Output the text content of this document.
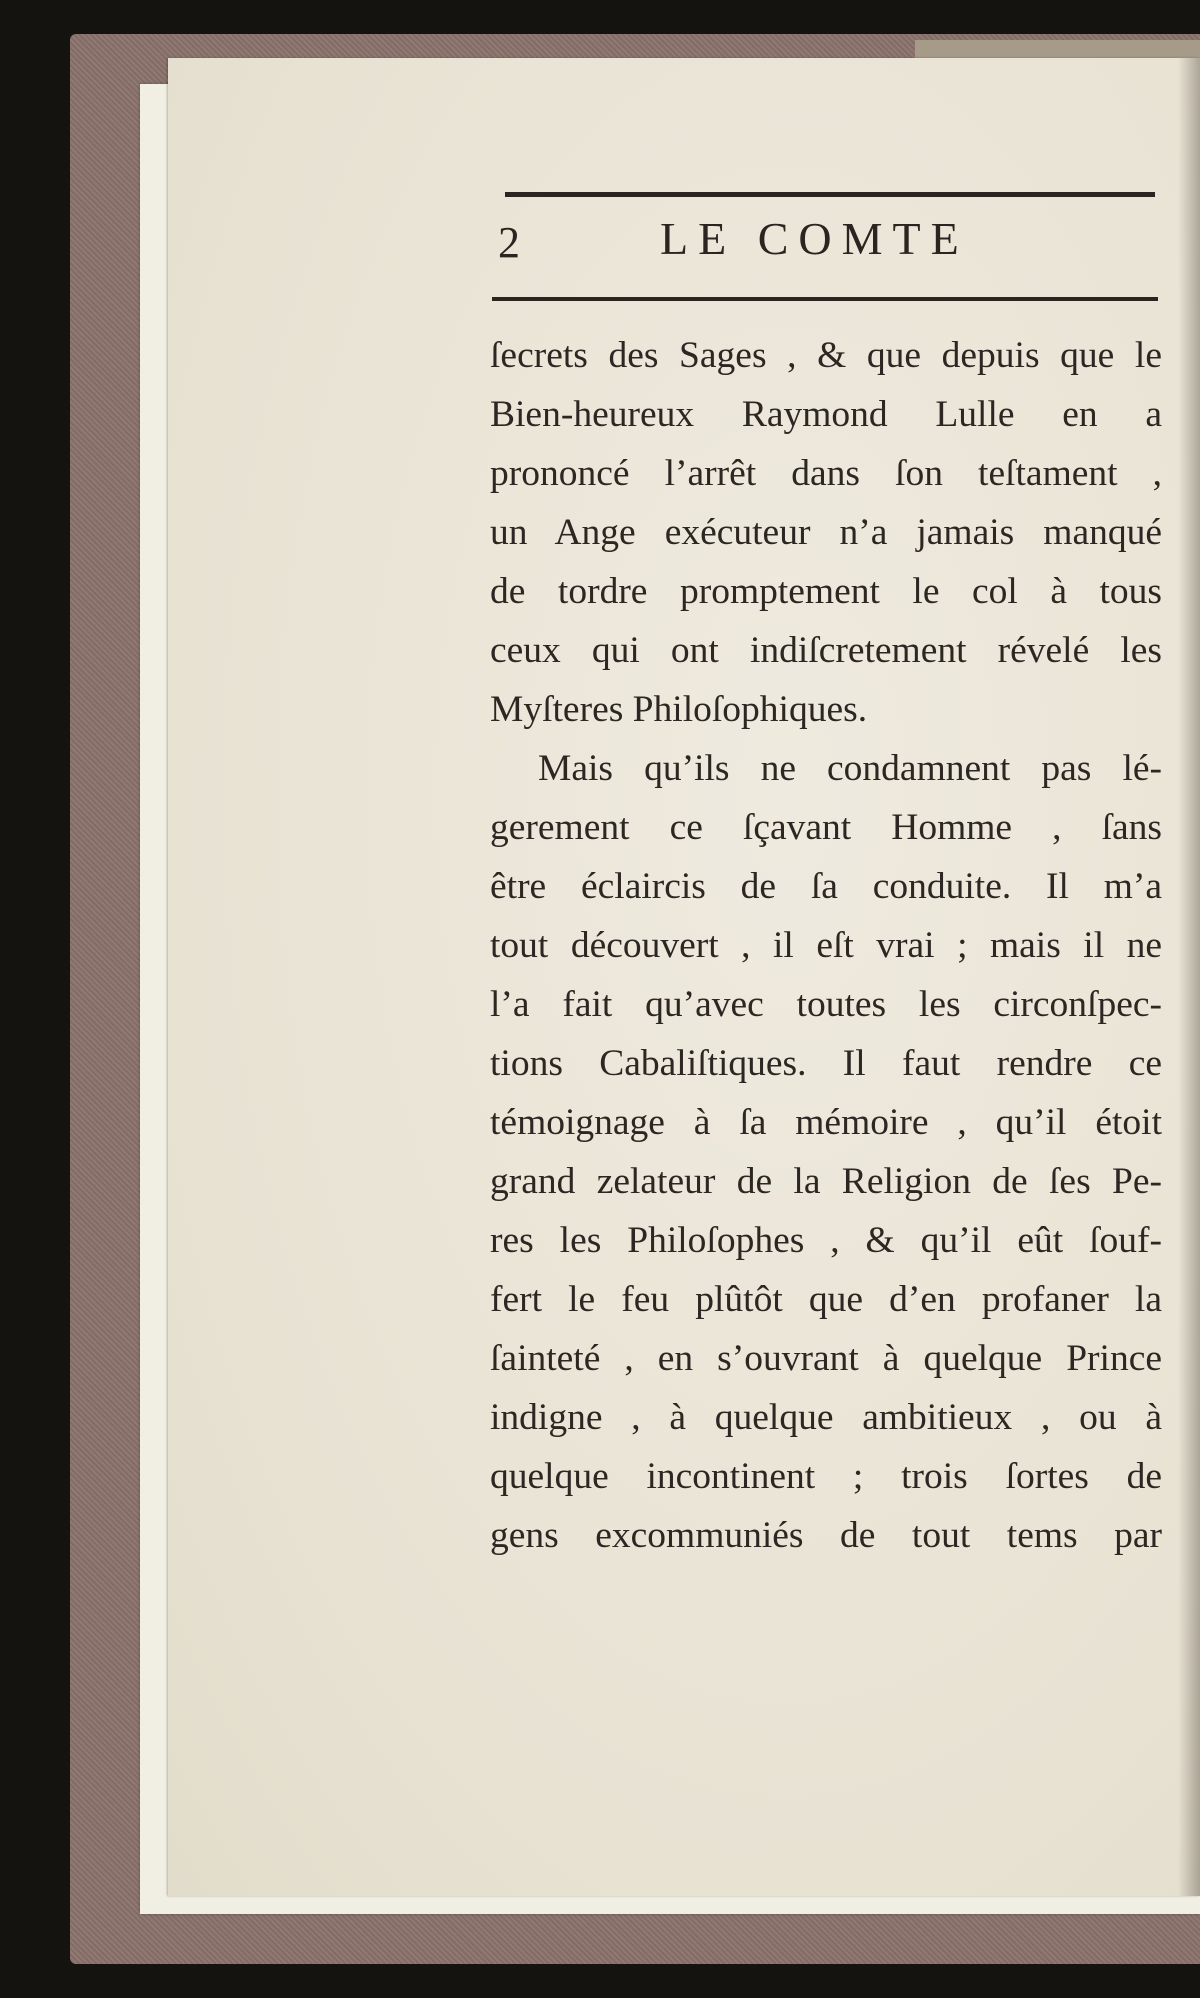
2	LE COMTE
ſecrets des Sages , & que depuis que le
Bien-heureux Raymond Lulle en a
prononcé l’arrêt dans ſon teſtament ,
un Ange exécuteur n’a jamais manqué
de tordre promptement le col à tous
ceux qui ont indiſcretement révelé les
Myſteres Philoſophiques.
Mais qu’ils ne condamnent pas lé-
gerement ce ſçavant Homme , ſans
être éclaircis de ſa conduite. Il m’a
tout découvert , il eſt vrai ; mais il ne
l’a fait qu’avec toutes les circonſpec-
tions Cabaliſtiques. Il faut rendre ce
témoignage à ſa mémoire , qu’il étoit
grand zelateur de la Religion de ſes Pe-
res les Philoſophes , & qu’il eût ſouf-
fert le feu plûtôt que d’en profaner la
ſainteté , en s’ouvrant à quelque Prince
indigne , à quelque ambitieux , ou à
quelque incontinent ; trois ſortes de
gens excommuniés de tout tems par
